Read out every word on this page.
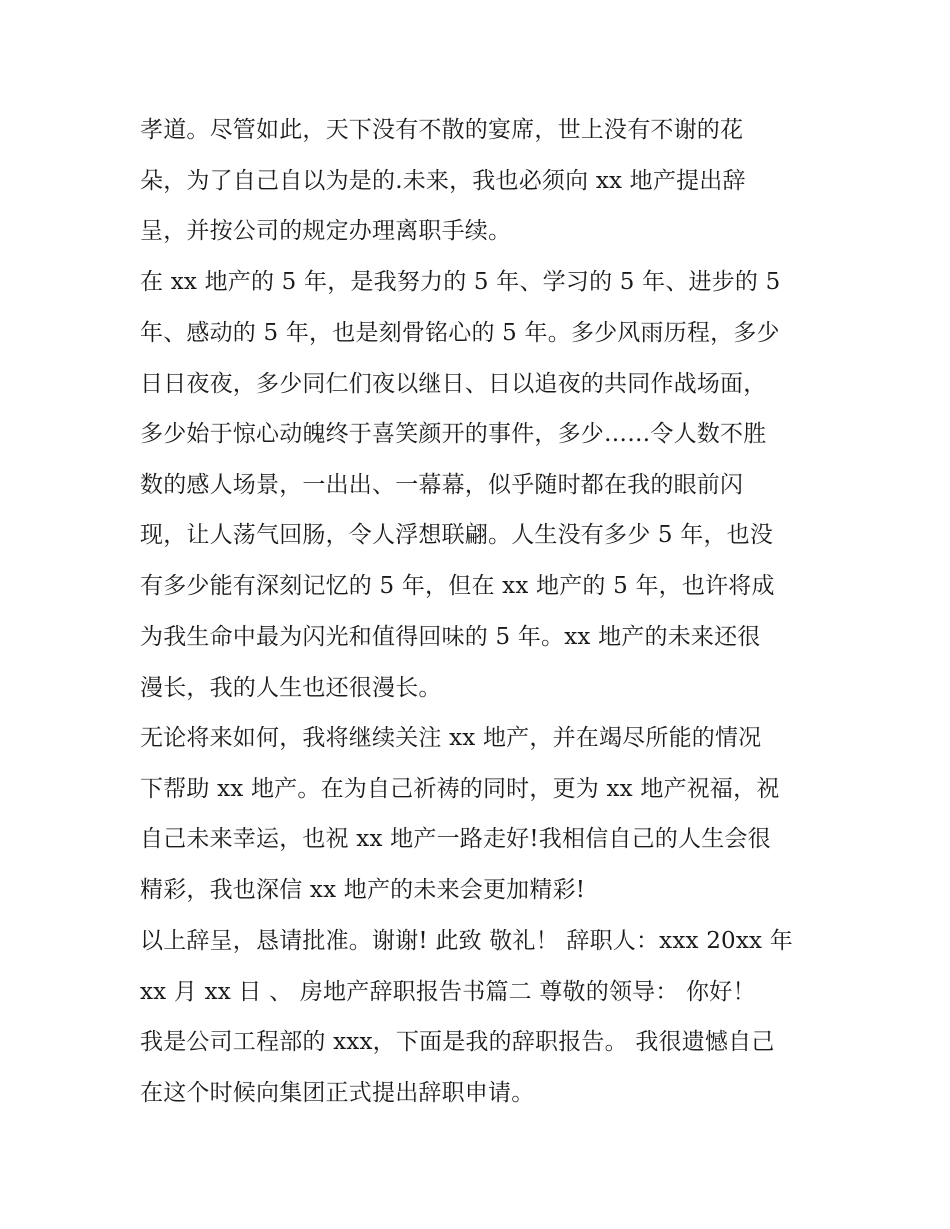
孝道。尽管如此，天下没有不散的宴席，世上没有不谢的花
朵，为了自己自以为是的.未来，我也必须向 xx 地产提出辞
呈，并按公司的规定办理离职手续。
在 xx 地产的 5 年，是我努力的 5 年、学习的 5 年、进步的 5
年、感动的 5 年，也是刻骨铭心的 5 年。多少风雨历程，多少
日日夜夜，多少同仁们夜以继日、日以追夜的共同作战场面，
多少始于惊心动魄终于喜笑颜开的事件，多少……令人数不胜
数的感人场景，一出出、一幕幕，似乎随时都在我的眼前闪
现，让人荡气回肠，令人浮想联翩。人生没有多少 5 年，也没
有多少能有深刻记忆的 5 年，但在 xx 地产的 5 年，也许将成
为我生命中最为闪光和值得回味的 5 年。xx 地产的未来还很
漫长，我的人生也还很漫长。
无论将来如何，我将继续关注 xx 地产，并在竭尽所能的情况
下帮助 xx 地产。在为自己祈祷的同时，更为 xx 地产祝福，祝
自己未来幸运，也祝 xx 地产一路走好!我相信自己的人生会很
精彩，我也深信 xx 地产的未来会更加精彩!
以上辞呈，恳请批准。谢谢! 此致 敬礼！ 辞职人：xxx 20xx 年
xx 月 xx 日 、 房地产辞职报告书篇二 尊敬的领导： 你好！
我是公司工程部的 xxx，下面是我的辞职报告。 我很遗憾自己
在这个时候向集团正式提出辞职申请。
